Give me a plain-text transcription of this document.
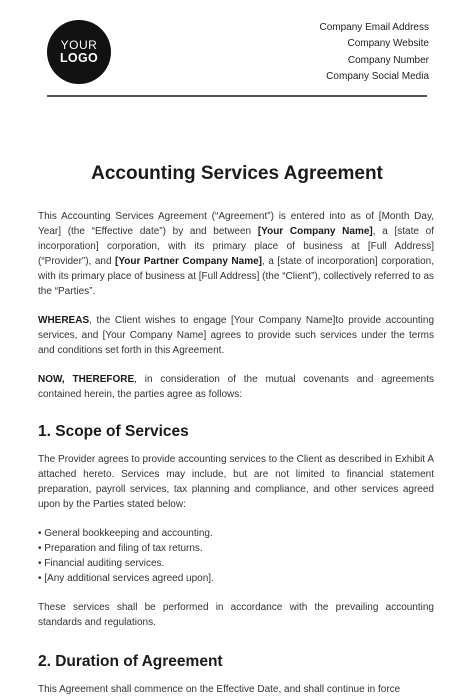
YOUR
LOGO
Company Email Address
Company Website
Company Number
Company Social Media
Accounting Services Agreement

This Accounting Services Agreement (“Agreement”) is entered into as of [Month Day, Year] (the “Effective date”) by and between [Your Company Name], a [state of incorporation] corporation, with its primary place of business at [Full Address] (“Provider”), and [Your Partner Company Name], a [state of incorporation] corporation, with its primary place of business at [Full Address] (the “Client”), collectively referred to as the “Parties”.

WHEREAS, the Client wishes to engage [Your Company Name]to provide accounting services, and [Your Company Name] agrees to provide such services under the terms and conditions set forth in this Agreement.

NOW, THEREFORE, in consideration of the mutual covenants and agreements contained herein, the parties agree as follows:

1. Scope of Services

The Provider agrees to provide accounting services to the Client as described in Exhibit A attached hereto. Services may include, but are not limited to financial statement preparation, payroll services, tax planning and compliance, and other services agreed upon by the Parties stated below:

• General bookkeeping and accounting.
• Preparation and filing of tax returns.
• Financial auditing services.
• [Any additional services agreed upon].

These services shall be performed in accordance with the prevailing accounting standards and regulations.

2. Duration of Agreement

This Agreement shall commence on the Effective Date, and shall continue in force
